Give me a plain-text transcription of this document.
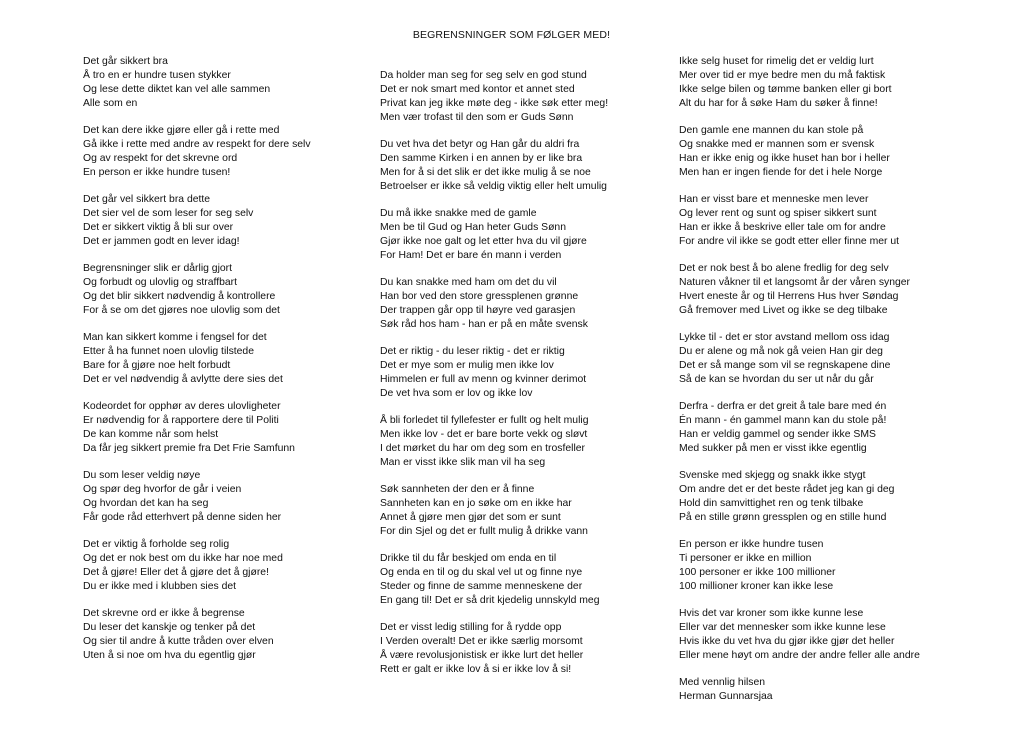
BEGRENSNINGER SOM FØLGER MED!
Det går sikkert bra
Å tro en er hundre tusen stykker
Og lese dette diktet kan vel alle sammen
Alle som en
Det kan dere ikke gjøre eller gå i rette med
Gå ikke i rette med andre av respekt for dere selv
Og av respekt for det skrevne ord
En person er ikke hundre tusen!
Det går vel sikkert bra dette
Det sier vel de som leser for seg selv
Det er sikkert viktig å bli sur over
Det er jammen godt en lever idag!
Begrensninger slik er dårlig gjort
Og forbudt og ulovlig og straffbart
Og det blir sikkert nødvendig å kontrollere
For å se om det gjøres noe ulovlig som det
Man kan sikkert komme i fengsel for det
Etter å ha funnet noen ulovlig tilstede
Bare for å gjøre noe helt forbudt
Det er vel nødvendig å avlytte dere sies det
Kodeordet for opphør av deres ulovligheter
Er nødvendig for å rapportere dere til Politi
De kan komme når som helst
Da får jeg sikkert premie fra Det Frie Samfunn
Du som leser veldig nøye
Og spør deg hvorfor de går i veien
Og hvordan det kan ha seg
Får gode råd etterhvert på denne siden her
Det er viktig å forholde seg rolig
Og det er nok best om du ikke har noe med
Det å gjøre! Eller det å gjøre det å gjøre!
Du er ikke med i klubben sies det
Det skrevne ord er ikke å begrense
Du leser det kanskje og tenker på det
Og sier til andre å kutte tråden over elven
Uten å si noe om hva du egentlig gjør
Da holder man seg for seg selv en god stund
Det er nok smart med kontor et annet sted
Privat kan jeg ikke møte deg - ikke søk etter meg!
Men vær trofast til den som er Guds Sønn
Du vet hva det betyr og Han går du aldri fra
Den samme Kirken i en annen by er like bra
Men for å si det slik er det ikke mulig å se noe
Betroelser er ikke så veldig viktig eller helt umulig
Du må ikke snakke med de gamle
Men be til Gud og Han heter Guds Sønn
Gjør ikke noe galt og let etter hva du vil gjøre
For Ham! Det er bare én mann i verden
Du kan snakke med ham om det du vil
Han bor ved den store gressplenen grønne
Der trappen går opp til høyre ved garasjen
Søk råd hos ham - han er på en måte svensk
Det er riktig - du leser riktig - det er riktig
Det er mye som er mulig men ikke lov
Himmelen er full av menn og kvinner derimot
De vet hva som er lov og ikke lov
Å bli forledet til fyllefester er fullt og helt mulig
Men ikke lov - det er bare borte vekk og sløvt
I det mørket du har om deg som en trosfeller
Man er visst ikke slik man vil ha seg
Søk sannheten der den er å finne
Sannheten kan en jo søke om en ikke har
Annet å gjøre men gjør det som er sunt
For din Sjel og det er fullt mulig å drikke vann
Drikke til du får beskjed om enda en til
Og enda en til og du skal vel ut og finne nye
Steder og finne de samme menneskene der
En gang til! Det er så drit kjedelig unnskyld meg
Det er visst ledig stilling for å rydde opp
I Verden overalt! Det er ikke særlig morsomt
Å være revolusjonistisk er ikke lurt det heller
Rett er galt er ikke lov å si er ikke lov å si!
Ikke selg huset for rimelig det er veldig lurt
Mer over tid er mye bedre men du må faktisk
Ikke selge bilen og tømme banken eller gi bort
Alt du har for å søke Ham du søker å finne!
Den gamle ene mannen du kan stole på
Og snakke med er mannen som er svensk
Han er ikke enig og ikke huset han bor i heller
Men han er ingen fiende for det i hele Norge
Han er visst bare et menneske men lever
Og lever rent og sunt og spiser sikkert sunt
Han er ikke å beskrive eller tale om for andre
For andre vil ikke se godt etter eller finne mer ut
Det er nok best å bo alene fredlig for deg selv
Naturen våkner til et langsomt år der våren synger
Hvert eneste år og til Herrens Hus hver Søndag
Gå fremover med Livet og ikke se deg tilbake
Lykke til - det er stor avstand mellom oss idag
Du er alene og må nok gå veien Han gir deg
Det er så mange som vil se regnskapene dine
Så de kan se hvordan du ser ut når du går
Derfra - derfra er det greit å tale bare med én
Én mann - én gammel mann kan du stole på!
Han er veldig gammel og sender ikke SMS
Med sukker på men er visst ikke egentlig
Svenske med skjegg og snakk ikke stygt
Om andre det er det beste rådet jeg kan gi deg
Hold din samvittighet ren og tenk tilbake
På en stille grønn gressplen og en stille hund
En person er ikke hundre tusen
Ti personer er ikke en million
100 personer er ikke 100 millioner
100 millioner kroner kan ikke lese
Hvis det var kroner som ikke kunne lese
Eller var det mennesker som ikke kunne lese
Hvis ikke du vet hva du gjør ikke gjør det heller
Eller mene høyt om andre der andre feller alle andre
Med vennlig hilsen
Herman Gunnarsjaa
